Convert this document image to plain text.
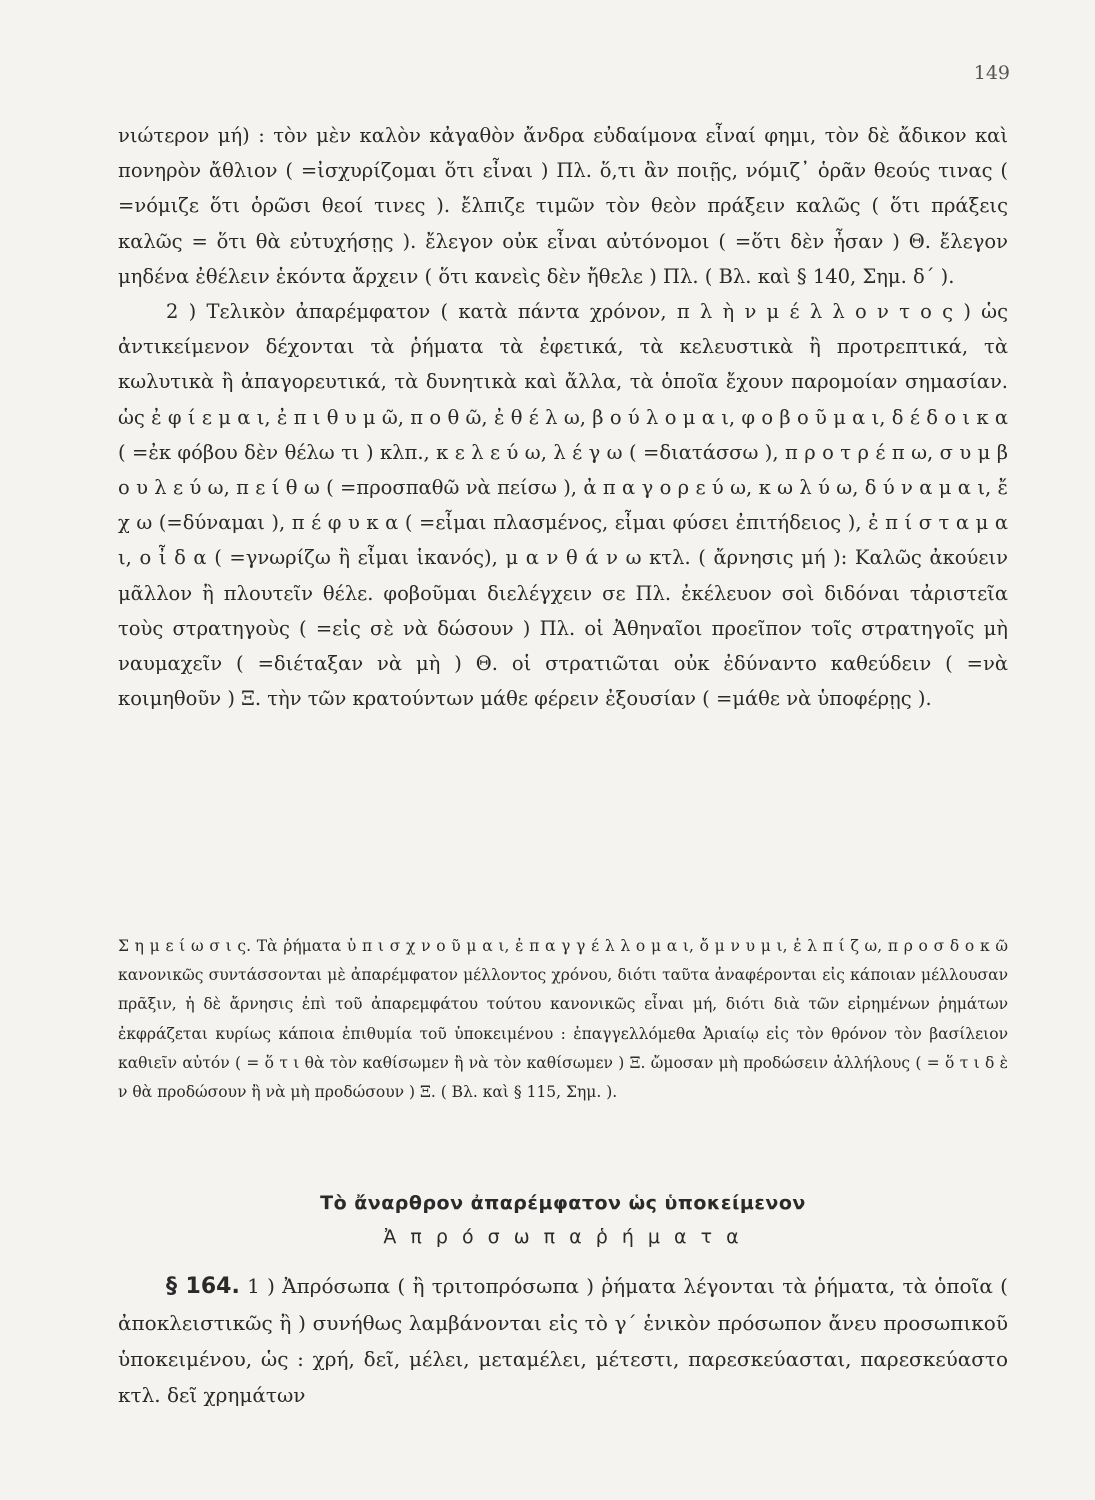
149

νιώτερον μή) : τὸν μὲν καλὸν κἀγαθὸν ἄνδρα εὐδαίμονα εἶναί φημι, τὸν δὲ ἄδικον καὶ πονηρὸν ἄθλιον ( =ἰσχυρίζομαι ὅτι εἶναι ) Πλ. ὅ,τι ἂν ποιῇς, νόμιζ᾽ ὁρᾶν θεούς τινας ( =νόμιζε ὅτι ὁρῶσι θεοί τινες ). ἔλπιζε τιμῶν τὸν θεὸν πράξειν καλῶς ( ὅτι πράξεις καλῶς = ὅτι θὰ εὐτυχήσῃς ). ἔλεγον οὐκ εἶναι αὐτόνομοι ( =ὅτι δὲν ἦσαν ) Θ. ἔλεγον μηδένα ἐθέλειν ἑκόντα ἄρχειν ( ὅτι κανεὶς δὲν ἤθελε ) Πλ. ( Βλ. καὶ § 140, Σημ. δ΄ ).

2 ) Τελικὸν ἀπαρέμφατον ( κατὰ πάντα χρόνον, π λ ὴ ν μ έ λ λ ο ν τ ο ς ) ὡς ἀντικείμενον δέχονται τὰ ῥήματα τὰ ἐφετικά, τὰ κελευστικὰ ἢ προτρεπτικά, τὰ κωλυτικὰ ἢ ἀπαγορευτικά, τὰ δυνητικὰ καὶ ἄλλα, τὰ ὁποῖα ἔχουν παρομοίαν σημασίαν. ὡς ἐ φ ί ε μ α ι, ἐ π ι θ υ μ ῶ, π ο θ ῶ, ἐ θ έ λ ω, β ο ύ λ ο μ α ι, φ ο β ο ῦ μ α ι, δ έ δ ο ι κ α ( =ἐκ φόβου δὲν θέλω τι ) κλπ., κ ε λ ε ύ ω, λ έ γ ω ( =διατάσσω ), π ρ ο τ ρ έ π ω, σ υ μ β ο υ λ ε ύ ω, π ε ί θ ω ( =προσπαθῶ νὰ πείσω ), ἀ π α γ ο ρ ε ύ ω, κ ω λ ύ ω, δ ύ ν α μ α ι, ἔ χ ω (=δύναμαι ), π έ φ υ κ α ( =εἶμαι πλασμένος, εἶμαι φύσει ἐπιτήδειος ), ἐ π ί σ τ α μ α ι, ο ἶ δ α ( =γνωρίζω ἢ εἶμαι ἱκανός), μ α ν θ ά ν ω κτλ. ( ἄρνησις μή ): Καλῶς ἀκούειν μᾶλλον ἢ πλουτεῖν θέλε. φοβοῦμαι διελέγχειν σε Πλ. ἐκέλευον σοὶ διδόναι τἀριστεῖα τοὺς στρατηγοὺς ( =εἰς σὲ νὰ δώσουν ) Πλ. οἱ Ἀθηναῖοι προεῖπον τοῖς στρατηγοῖς μὴ ναυμαχεῖν ( =διέταξαν νὰ μὴ ) Θ. οἱ στρατιῶται οὐκ ἐδύναντο καθεύδειν ( =νὰ κοιμηθοῦν ) Ξ. τὴν τῶν κρατούντων μάθε φέρειν ἐξουσίαν ( =μάθε νὰ ὑποφέρῃς ).

Σ η μ ε ί ω σ ι ς. Τὰ ῥήματα ὑ π ι σ χ ν ο ῦ μ α ι, ἐ π α γ γ έ λ λ ο μ α ι, ὄ μ ν υ μ ι, ἐ λ π ί ζ ω, π ρ ο σ δ ο κ ῶ κανονικῶς συντάσσονται μὲ ἀπαρέμφατον μέλλοντος χρόνου, διότι ταῦτα ἀναφέρονται εἰς κάποιαν μέλλουσαν πρᾶξιν, ἡ δὲ ἄρνησις ἐπὶ τοῦ ἀπαρεμφάτου τούτου κανονικῶς εἶναι μή, διότι διὰ τῶν εἰρημένων ῥημάτων ἐκφράζεται κυρίως κάποια ἐπιθυμία τοῦ ὑποκειμένου : ἐπαγγελλόμεθα Ἀριαίῳ εἰς τὸν θρόνον τὸν βασίλειον καθιεῖν αὐτόν ( = ὅ τ ι θὰ τὸν καθίσωμεν ἢ νὰ τὸν καθίσωμεν ) Ξ. ὤμοσαν μὴ προδώσειν ἀλλήλους ( = ὅ τ ι δ ὲ ν θὰ προδώσουν ἢ νὰ μὴ προδώσουν ) Ξ. ( Βλ. καὶ § 115, Σημ. ).

Τὸ ἄναρθρον ἀπαρέμφατον ὡς ὑποκείμενον
Ἀ π ρ ό σ ω π α ῥ ή μ α τ α

§ 164. 1 ) Ἀπρόσωπα ( ἢ τριτοπρόσωπα ) ῥήματα λέγονται τὰ ῥήματα, τὰ ὁποῖα ( ἀποκλειστικῶς ἢ ) συνήθως λαμβάνονται εἰς τὸ γ΄ ἑνικὸν πρόσωπον ἄνευ προσωπικοῦ ὑποκειμένου, ὡς : χρή, δεῖ, μέλει, μεταμέλει, μέτεστι, παρεσκεύασται, παρεσκεύαστο κτλ. δεῖ χρημάτων
